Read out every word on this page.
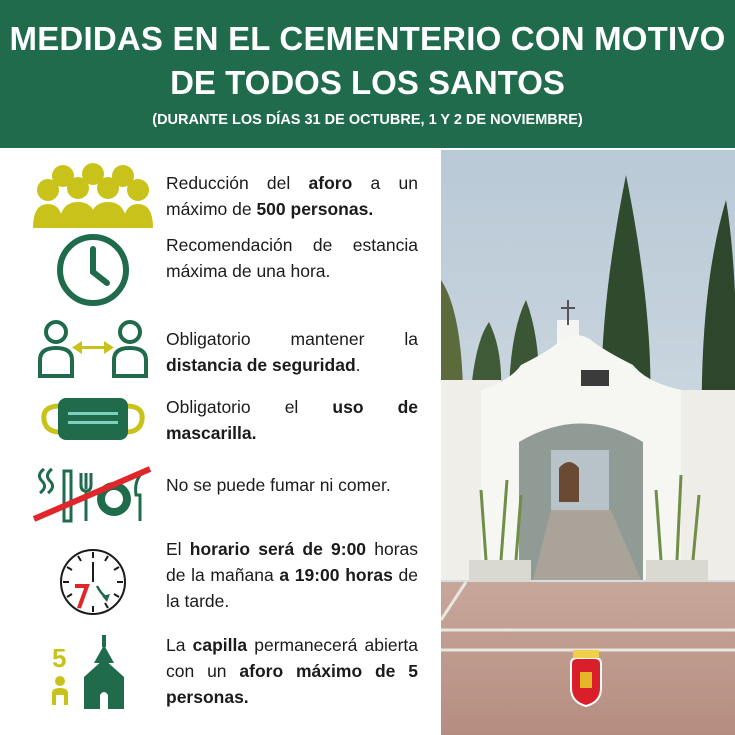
MEDIDAS EN EL CEMENTERIO CON MOTIVO
DE TODOS LOS SANTOS
(DURANTE LOS DÍAS 31 DE OCTUBRE, 1 Y 2 DE NOVIEMBRE)
Reducción del aforo a un máximo de 500 personas.
Recomendación de estancia máxima de una hora.
Obligatorio mantener la distancia de seguridad.
Obligatorio el uso de mascarilla.
No se puede fumar ni comer.
El horario será de 9:00 horas de la mañana a 19:00 horas de la tarde.
5	La capilla permanecerá abierta con un aforo máximo de 5 personas.
